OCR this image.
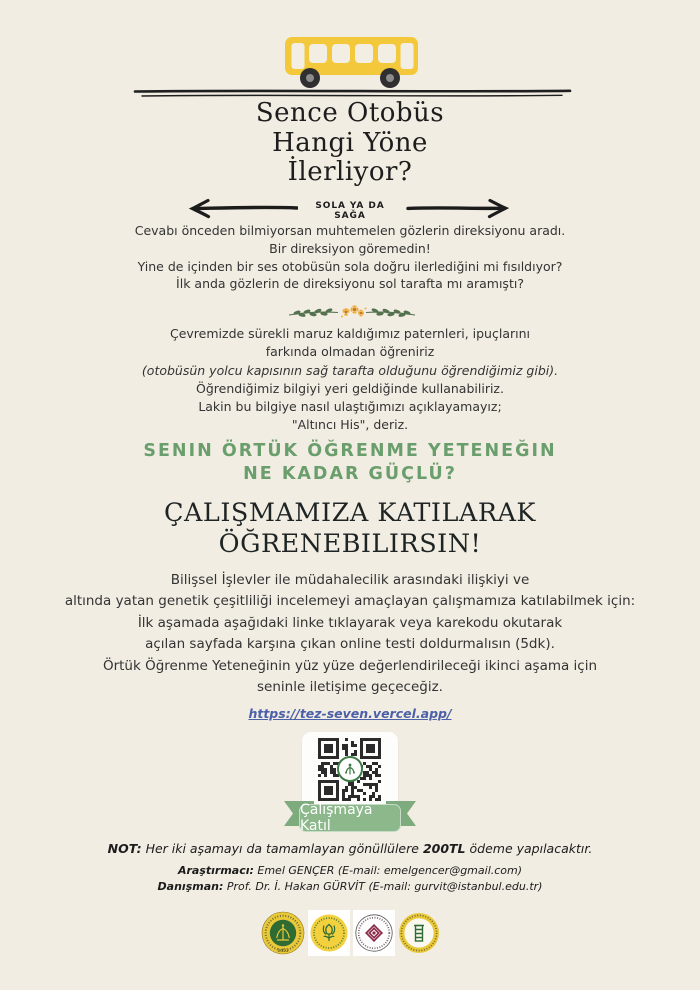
Sence Otobüs
Hangi Yöne
İlerliyor?
SOLA YA DA SAĞA
Cevabı önceden bilmiyorsan muhtemelen gözlerin direksiyonu aradı.
Bir direksiyon göremedin!
Yine de içinden bir ses otobüsün sola doğru ilerlediğini mi fısıldıyor?
İlk anda gözlerin de direksiyonu sol tarafta mı aramıştı?
Çevremizde sürekli maruz kaldığımız paternleri, ipuçlarını
farkında olmadan öğreniriz
(otobüsün yolcu kapısının sağ tarafta olduğunu öğrendiğimiz gibi).
Öğrendiğimiz bilgiyi yeri geldiğinde kullanabiliriz.
Lakin bu bilgiye nasıl ulaştığımızı açıklayamayız;
"Altıncı His", deriz.
SENIN ÖRTÜK ÖĞRENME YETENEĞIN
NE KADAR GÜÇLÜ?
ÇALIŞMAMIZA KATILARAK
ÖĞRENEBILIRSIN!
Bilişsel İşlevler ile müdahalecilik arasındaki ilişkiyi ve
altında yatan genetik çeşitliliği incelemeyi amaçlayan çalışmamıza katılabilmek için:
İlk aşamada aşağıdaki linke tıklayarak veya karekodu okutarak
açılan sayfada karşına çıkan online testi doldurmalısın (5dk).
Örtük Öğrenme Yeteneğinin yüz yüze değerlendirileceği ikinci aşama için
seninle iletişime geçeceğiz.
https://tez-seven.vercel.app/
Çalışmaya Katıl
NOT: Her iki aşamayı da tamamlayan gönüllülere 200TL ödeme yapılacaktır.
Araştırmacı: Emel GENÇER (E-mail: emelgencer@gmail.com)
Danışman: Prof. Dr. İ. Hakan GÜRVİT (E-mail: gurvit@istanbul.edu.tr)
1453
